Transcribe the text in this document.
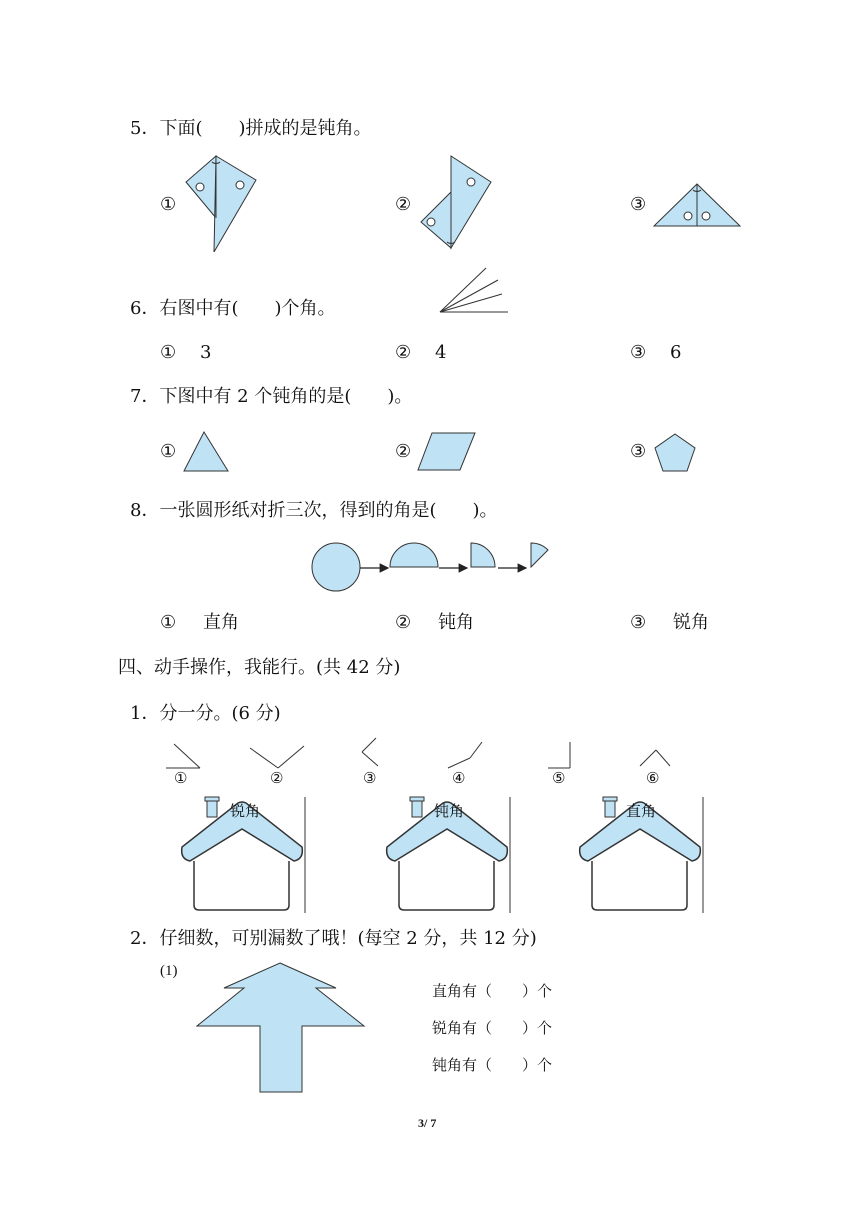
5．下面(　　)拼成的是钝角。
①	②	③
6．右图中有(　　)个角。
① 3	② 4	③ 6
7．下图中有 2 个钝角的是(　　)。
①	②	③
8．一张圆形纸对折三次，得到的角是(　　)。
① 直角	② 钝角	③ 锐角
四、动手操作，我能行。(共 42 分)
1．分一分。(6 分)
①	②	③	④	⑤	⑥
锐角	钝角	直角
2．仔细数，可别漏数了哦！(每空 2 分，共 12 分)
(1)
直角有（　　）个
锐角有（　　）个
钝角有（　　）个
3/ 7
